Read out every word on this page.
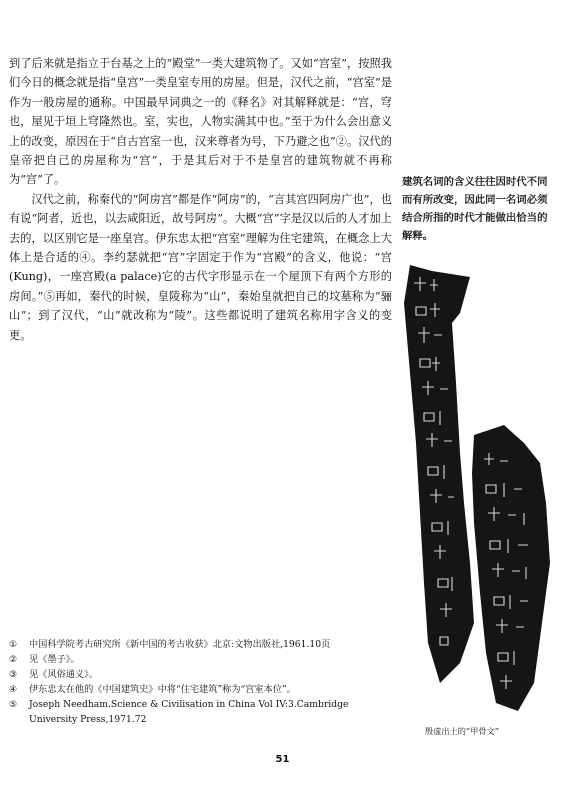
到了后来就是指立于台基之上的“殿堂”一类大建筑物了。又如“宫室”，按照我们今日的概念就是指“皇宫”一类皇室专用的房屋。但是，汉代之前，“宫室”是作为一般房屋的通称。中国最早词典之一的《释名》对其解释就是：“宫，穹也，屋见于垣上穹隆然也。室，实也，人物实满其中也。”至于为什么会出意义上的改变，原因在于“自古宫室一也，汉来尊者为号，下乃避之也”②。汉代的皇帝把自己的房屋称为“宫”，于是其后对于不是皇宫的建筑物就不再称为“宫”了。

汉代之前，称秦代的“阿房宫”都是作“阿房”的，“言其宫四阿房广也”，也有说“阿者，近也，以去咸阳近，故号阿房”。大概“宫”字是汉以后的人才加上去的，以区别它是一座皇宫。伊东忠太把“宫室”理解为住宅建筑，在概念上大体上是合适的④。李约瑟就把“宫”字固定于作为“宫殿”的含义，他说：“宫(Kung)，一座宫殿(a palace)它的古代字形显示在一个屋顶下有两个方形的房间。”⑤再如，秦代的时候，皇陵称为“山”，秦始皇就把自己的坟墓称为“骊山”；到了汉代，“山”就改称为“陵”。这些都说明了建筑名称用字含义的变更。

建筑名词的含义往往因时代不同而有所改变，因此同一名词必须结合所指的时代才能做出恰当的解释。
殷虚出土的“甲骨文”
①	中国科学院考古研究所《新中国的考古收获》北京:文物出版社,1961.10页
②	见《墨子》。
③	见《风俗通义》。
④	伊东忠太在他的《中国建筑史》中将“住宅建筑”称为“宫室本位”。
⑤	Joseph Needham.Science & Civilisation in China Vol IV:3.Cambridge University Press,1971.72
51
